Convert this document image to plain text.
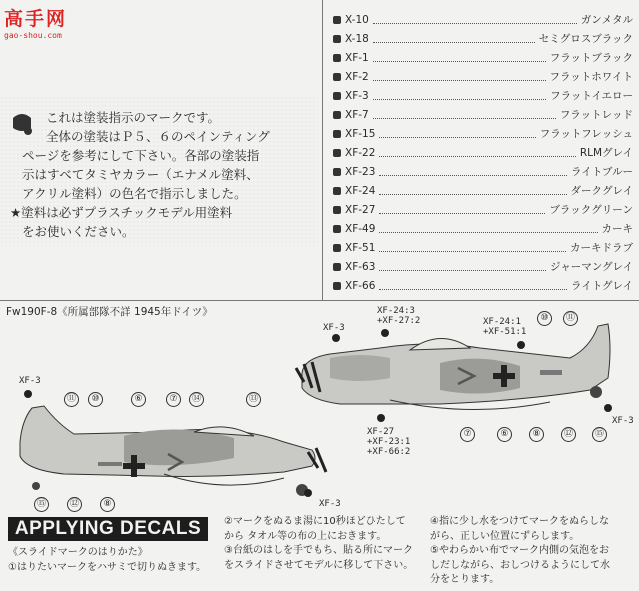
高手网
gao-shou.com
これは塗装指示のマークです。
全体の塗装はＰ５、６のペインティング
ページを参考にして下さい。各部の塗装指
示はすべてタミヤカラー（エナメル塗料、
アクリル塗料）の色名で指示しました。
★塗料は必ずプラスチックモデル用塗料
をお使いください。
X-10	ガンメタル
X-18	セミグロスブラック
XF-1	フラットブラック
XF-2	フラットホワイト
XF-3	フラットイエロー
XF-7	フラットレッド
XF-15	フラットフレッシュ
XF-22	RLMグレイ
XF-23	ライトブルー
XF-24	ダークグレイ
XF-27	ブラックグリーン
XF-49	カーキ
XF-51	カーキドラブ
XF-63	ジャーマングレイ
XF-66	ライトグレイ
Fw190F-8《所属部隊不詳 1945年ドイツ》
XF-3
XF-24:3
+XF-27:2	XF-24:1
+XF-51:1
XF-27
+XF-23:1
+XF-66:2
XF-3
⑩	⑪
⑦	⑥	⑧	⑫	⑮
XF-3
XF-3
⑪	⑩	⑥	⑦	⑭	⑬
⑮	⑫	⑧
APPLYING DECALS
《スライドマークのはりかた》
①はりたいマークをハサミで切りぬきます。
②マークをぬるま湯に10秒ほどひたして
から タオル等の布の上におきます。
③台紙のはしを手でもち、貼る所にマーク
をスライドさせてモデルに移して下さい。
④指に少し水をつけてマークをぬらしな
がら、正しい位置にずらします。
⑤やわらかい布でマーク内側の気泡をお
しだしながら、おしつけるようにして水
分をとります。
